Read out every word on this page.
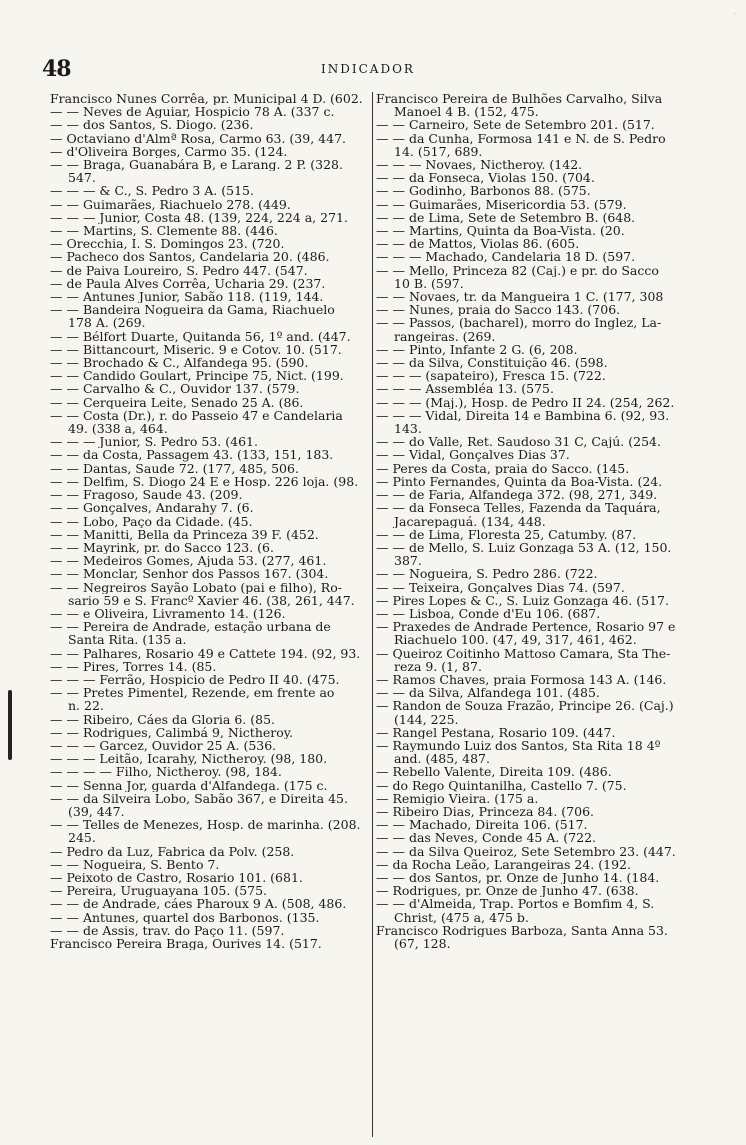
·
48	INDICADOR
Francisco Nunes Corrêa, pr. Municipal 4 D. (602.
— — Neves de Aguiar, Hospicio 78 A. (337 c.
— — dos Santos, S. Diogo. (236.
— Octaviano d'Almª Rosa, Carmo 63. (39, 447.
— d'Oliveira Borges, Carmo 35. (124.
— — Braga, Guanabára B, e Larang. 2 P. (328.
547.
— — — & C., S. Pedro 3 A. (515.
— — Guimarães, Riachuelo 278. (449.
— — — Junior, Costa 48. (139, 224, 224 a, 271.
— — Martins, S. Clemente 88. (446.
— Orecchia, I. S. Domingos 23. (720.
— Pacheco dos Santos, Candelaria 20. (486.
— de Paiva Loureiro, S. Pedro 447. (547.
— de Paula Alves Corrêa, Ucharia 29. (237.
— — Antunes Junior, Sabão 118. (119, 144.
— — Bandeira Nogueira da Gama, Riachuelo
178 A. (269.
— — Bélfort Duarte, Quitanda 56, 1º and. (447.
— — Bittancourt, Miseric. 9 e Cotov. 10. (517.
— — Brochado & C., Alfandega 95. (590.
— — Candido Goulart, Principe 75, Nict. (199.
— — Carvalho & C., Ouvidor 137. (579.
— — Cerqueira Leite, Senado 25 A. (86.
— — Costa (Dr.), r. do Passeio 47 e Candelaria
49. (338 a, 464.
— — — Junior, S. Pedro 53. (461.
— — da Costa, Passagem 43. (133, 151, 183.
— — Dantas, Saude 72. (177, 485, 506.
— — Delfim, S. Diogo 24 E e Hosp. 226 loja. (98.
— — Fragoso, Saude 43. (209.
— — Gonçalves, Andarahy 7. (6.
— — Lobo, Paço da Cidade. (45.
— — Manitti, Bella da Princeza 39 F. (452.
— — Mayrink, pr. do Sacco 123. (6.
— — Medeiros Gomes, Ajuda 53. (277, 461.
— — Monclar, Senhor dos Passos 167. (304.
— — Negreiros Sayão Lobato (pai e filho), Ro-
sario 59 e S. Francº Xavier 46. (38, 261, 447.
— — e Oliveira, Livramento 14. (126.
— — Pereira de Andrade, estação urbana de
Santa Rita. (135 a.
— — Palhares, Rosario 49 e Cattete 194. (92, 93.
— — Pires, Torres 14. (85.
— — — Ferrão, Hospicio de Pedro II 40. (475.
— — Pretes Pimentel, Rezende, em frente ao
n. 22.
— — Ribeiro, Cáes da Gloria 6. (85.
— — Rodrigues, Calimbá 9, Nictheroy.
— — — Garcez, Ouvidor 25 A. (536.
— — — Leitão, Icarahy, Nictheroy. (98, 180.
— — — — Filho, Nictheroy. (98, 184.
— — Senna Jor, guarda d'Alfandega. (175 c.
— — da Silveira Lobo, Sabão 367, e Direita 45.
(39, 447.
— — Telles de Menezes, Hosp. de marinha. (208.
245.
— Pedro da Luz, Fabrica da Polv. (258.
— — Nogueira, S. Bento 7.
— Peixoto de Castro, Rosario 101. (681.
— Pereira, Uruguayana 105. (575.
— — de Andrade, cáes Pharoux 9 A. (508, 486.
— — Antunes, quartel dos Barbonos. (135.
— — de Assis, trav. do Paço 11. (597.
Francisco Pereira Braga, Ourives 14. (517.
Francisco Pereira de Bulhões Carvalho, Silva
Manoel 4 B. (152, 475.
— — Carneiro, Sete de Setembro 201. (517.
— — da Cunha, Formosa 141 e N. de S. Pedro
14. (517, 689.
— — — Novaes, Nictheroy. (142.
— — da Fonseca, Violas 150. (704.
— — Godinho, Barbonos 88. (575.
— — Guimarães, Misericordia 53. (579.
— — de Lima, Sete de Setembro B. (648.
— — Martins, Quinta da Boa-Vista. (20.
— — de Mattos, Violas 86. (605.
— — — Machado, Candelaria 18 D. (597.
— — Mello, Princeza 82 (Caj.) e pr. do Sacco
10 B. (597.
— — Novaes, tr. da Mangueira 1 C. (177, 308
— — Nunes, praia do Sacco 143. (706.
— — Passos, (bacharel), morro do Inglez, La-
rangeiras. (269.
— — Pinto, Infante 2 G. (6, 208.
— — da Silva, Constituição 46. (598.
— — — (sapateiro), Fresca 15. (722.
— — — Assembléa 13. (575.
— — — (Maj.), Hosp. de Pedro II 24. (254, 262.
— — — Vidal, Direita 14 e Bambina 6. (92, 93.
143.
— — do Valle, Ret. Saudoso 31 C, Cajú. (254.
— — Vidal, Gonçalves Dias 37.
— Peres da Costa, praia do Sacco. (145.
— Pinto Fernandes, Quinta da Boa-Vista. (24.
— — de Faria, Alfandega 372. (98, 271, 349.
— — da Fonseca Telles, Fazenda da Taquára,
Jacarepaguá. (134, 448.
— — de Lima, Floresta 25, Catumby. (87.
— — de Mello, S. Luiz Gonzaga 53 A. (12, 150.
387.
— — Nogueira, S. Pedro 286. (722.
— — Teixeira, Gonçalves Dias 74. (597.
— Pires Lopes & C., S. Luiz Gonzaga 46. (517.
— — Lisboa, Conde d'Eu 106. (687.
— Praxedes de Andrade Pertence, Rosario 97 e
Riachuelo 100. (47, 49, 317, 461, 462.
— Queiroz Coitinho Mattoso Camara, Sta The-
reza 9. (1, 87.
— Ramos Chaves, praia Formosa 143 A. (146.
— — da Silva, Alfandega 101. (485.
— Randon de Souza Frazão, Principe 26. (Caj.)
(144, 225.
— Rangel Pestana, Rosario 109. (447.
— Raymundo Luiz dos Santos, Sta Rita 18 4º
and. (485, 487.
— Rebello Valente, Direita 109. (486.
— do Rego Quintanilha, Castello 7. (75.
— Remigio Vieira. (175 a.
— Ribeiro Dias, Princeza 84. (706.
— — Machado, Direita 106. (517.
— — das Neves, Conde 45 A. (722.
— — da Silva Queiroz, Sete Setembro 23. (447.
— da Rocha Leão, Larangeiras 24. (192.
— — dos Santos, pr. Onze de Junho 14. (184.
— Rodrigues, pr. Onze de Junho 47. (638.
— — d'Almeida, Trap. Portos e Bomfim 4, S.
Christ, (475 a, 475 b.
Francisco Rodrigues Barboza, Santa Anna 53.
(67, 128.
